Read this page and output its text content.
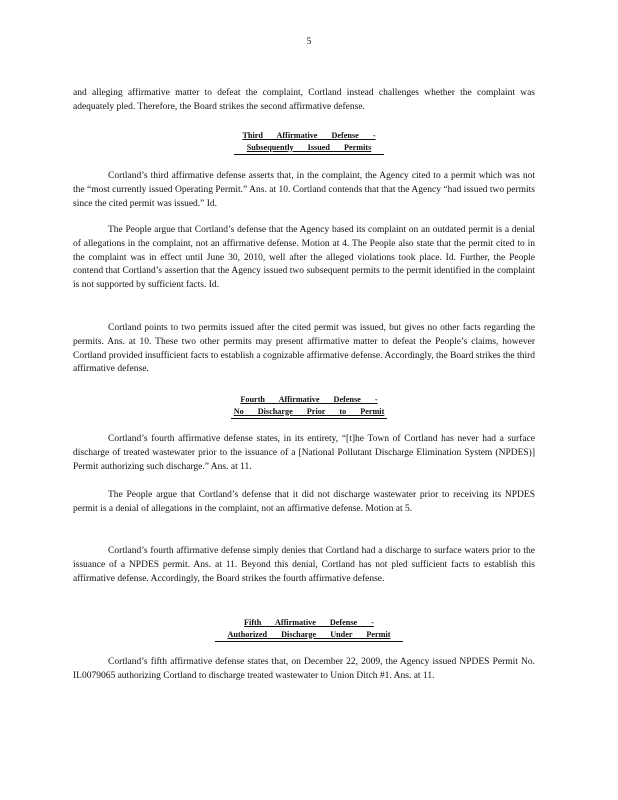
5

and alleging affirmative matter to defeat the complaint, Cortland instead challenges whether the complaint was adequately pled. Therefore, the Board strikes the second affirmative defense.

Third Affirmative Defense -
Subsequently Issued Permits

Cortland’s third affirmative defense asserts that, in the complaint, the Agency cited to a permit which was not the “most currently issued Operating Permit.” Ans. at 10. Cortland contends that that the Agency “had issued two permits since the cited permit was issued.” Id.

The People argue that Cortland’s defense that the Agency based its complaint on an outdated permit is a denial of allegations in the complaint, not an affirmative defense. Motion at 4. The People also state that the permit cited to in the complaint was in effect until June 30, 2010, well after the alleged violations took place. Id. Further, the People contend that Cortland’s assertion that the Agency issued two subsequent permits to the permit identified in the complaint is not supported by sufficient facts. Id.

Cortland points to two permits issued after the cited permit was issued, but gives no other facts regarding the permits. Ans. at 10. These two other permits may present affirmative matter to defeat the People’s claims, however Cortland provided insufficient facts to establish a cognizable affirmative defense. Accordingly, the Board strikes the third affirmative defense.

Fourth Affirmative Defense -
No Discharge Prior to Permit

Cortland’s fourth affirmative defense states, in its entirety, “[t]he Town of Cortland has never had a surface discharge of treated wastewater prior to the issuance of a [National Pollutant Discharge Elimination System (NPDES)] Permit authorizing such discharge.” Ans. at 11.

The People argue that Cortland’s defense that it did not discharge wastewater prior to receiving its NPDES permit is a denial of allegations in the complaint, not an affirmative defense. Motion at 5.

Cortland’s fourth affirmative defense simply denies that Cortland had a discharge to surface waters prior to the issuance of a NPDES permit. Ans. at 11. Beyond this denial, Cortland has not pled sufficient facts to establish this affirmative defense. Accordingly, the Board strikes the fourth affirmative defense.

Fifth Affirmative Defense -
Authorized Discharge Under Permit

Cortland’s fifth affirmative defense states that, on December 22, 2009, the Agency issued NPDES Permit No. IL0079065 authorizing Cortland to discharge treated wastewater to Union Ditch #1. Ans. at 11.
